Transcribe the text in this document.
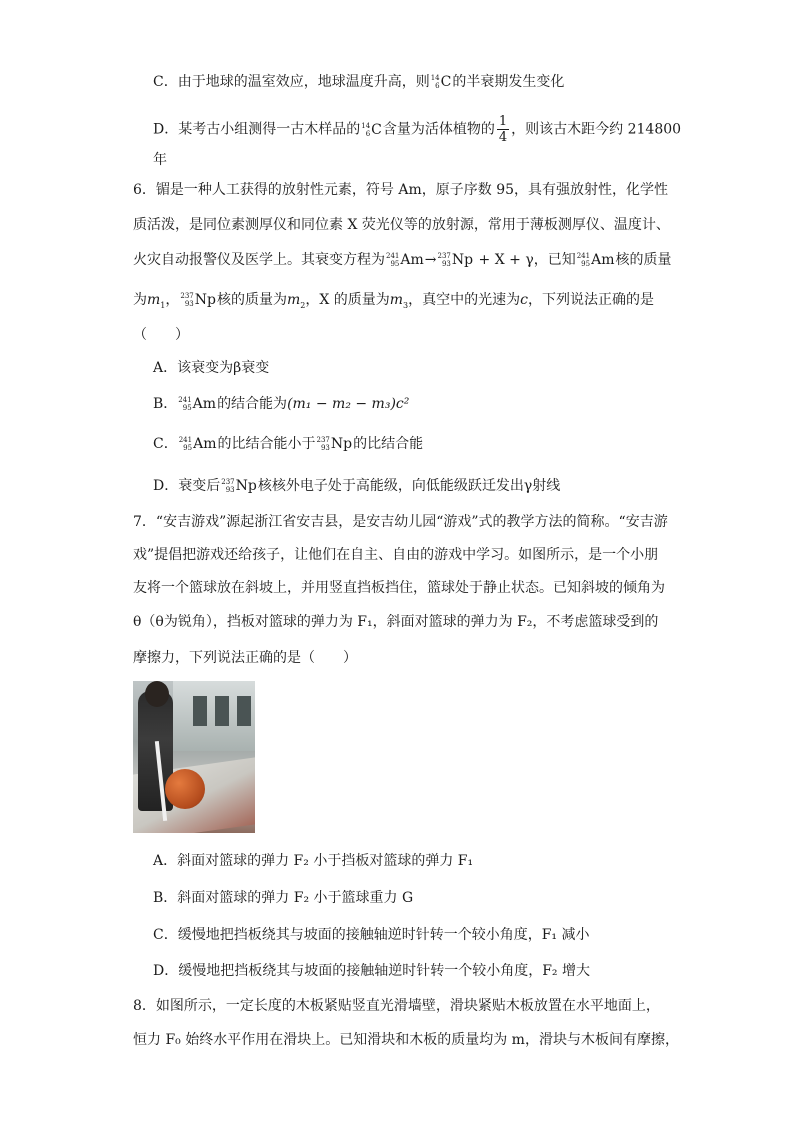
C．由于地球的温室效应，地球温度升高，则 14
6 C 的半衰期发生变化
D．某考古小组测得一古木样品的 14
6 C 含量为活体植物的 $\frac{1}{4}$ ，则该古木距今约 214800
年
6．镅是一种人工获得的放射性元素，符号 Am，原子序数 95，具有强放射性，化学性
质活泼，是同位素测厚仪和同位素 X 荧光仪等的放射源，常用于薄板测厚仪、温度计、
火灾自动报警仪及医学上。其衰变方程为 241
95 Am → 237
93 Np + X + γ，已知 241
95 Am 核的质量
为$m_1$， 237
93 Np 核的质量为$m_2$，X 的质量为$m_3$，真空中的光速为c，下列说法正确的是
（　　）
A．该衰变为β衰变
B． 241
95 Am 的结合能为(m₁ − m₂ − m₃)c²
C． 241
95 Am 的比结合能小于 237
93 Np 的比结合能
D．衰变后 237
93 Np 核核外电子处于高能级，向低能级跃迁发出γ射线
7．“安吉游戏”源起浙江省安吉县，是安吉幼儿园“游戏”式的教学方法的简称。“安吉游
戏”提倡把游戏还给孩子，让他们在自主、自由的游戏中学习。如图所示，是一个小朋
友将一个篮球放在斜坡上，并用竖直挡板挡住，篮球处于静止状态。已知斜坡的倾角为
θ（θ为锐角），挡板对篮球的弹力为 F₁，斜面对篮球的弹力为 F₂，不考虑篮球受到的
摩擦力，下列说法正确的是（　　）
A．斜面对篮球的弹力 F₂ 小于挡板对篮球的弹力 F₁
B．斜面对篮球的弹力 F₂ 小于篮球重力 G
C．缓慢地把挡板绕其与坡面的接触轴逆时针转一个较小角度，F₁ 减小
D．缓慢地把挡板绕其与坡面的接触轴逆时针转一个较小角度，F₂ 增大
8．如图所示，一定长度的木板紧贴竖直光滑墙壁，滑块紧贴木板放置在水平地面上，
恒力 F₀ 始终水平作用在滑块上。已知滑块和木板的质量均为 m，滑块与木板间有摩擦，
